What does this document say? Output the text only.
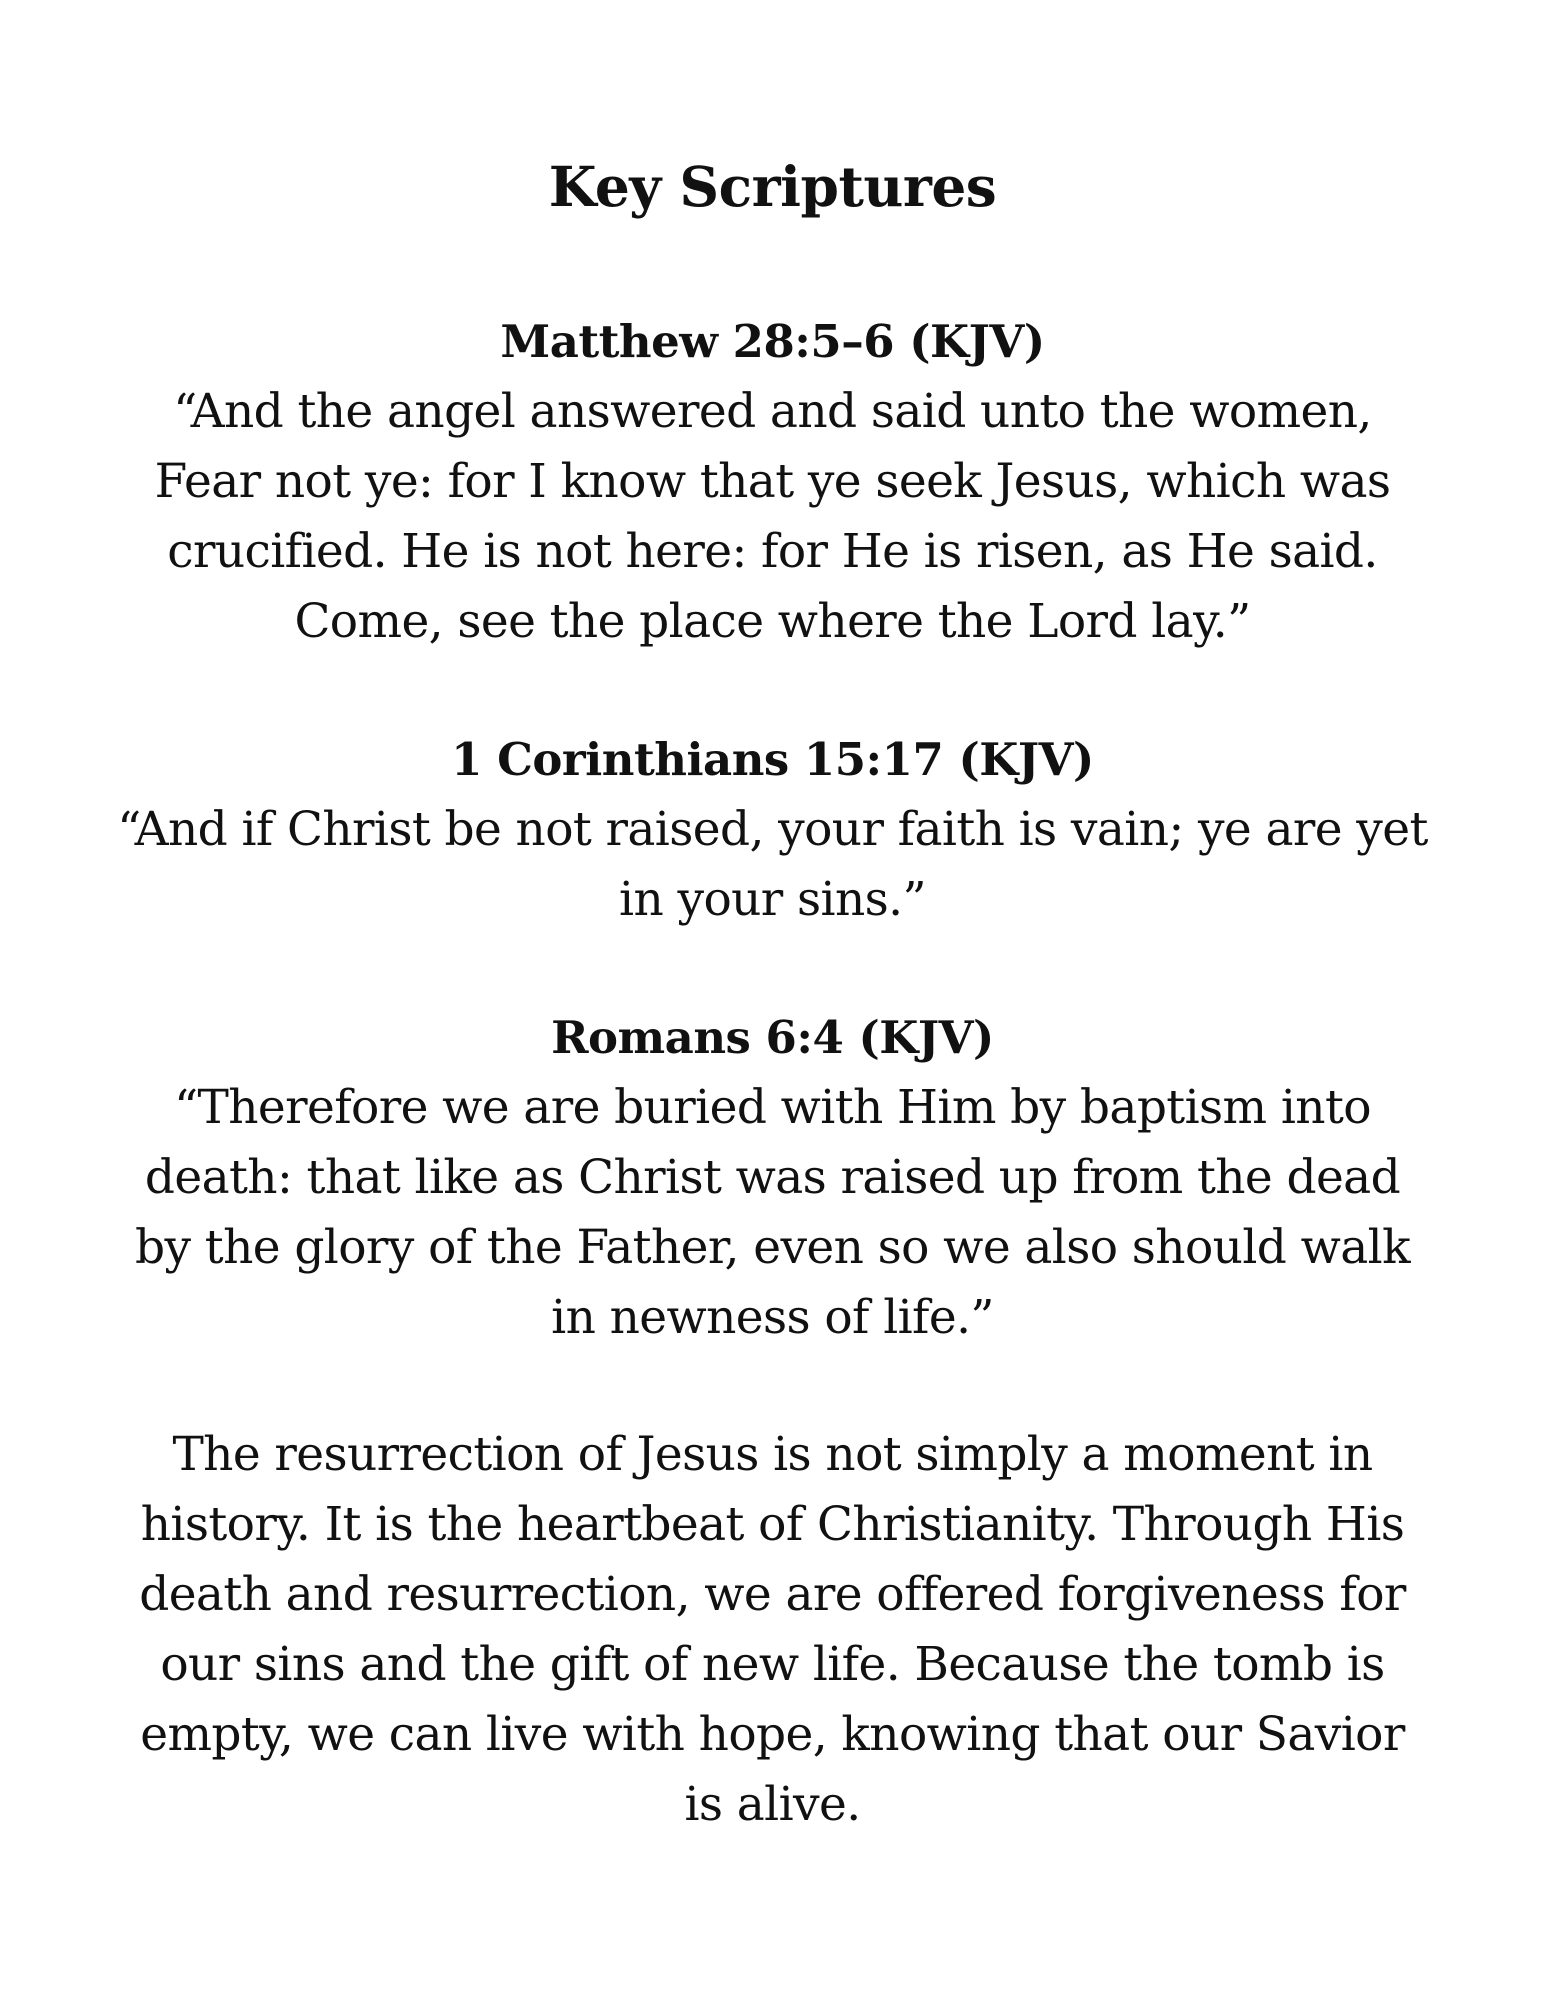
Key Scriptures
Matthew 28:5–6 (KJV)
“And the angel answered and said unto the women,
Fear not ye: for I know that ye seek Jesus, which was
crucified. He is not here: for He is risen, as He said.
Come, see the place where the Lord lay.”
1 Corinthians 15:17 (KJV)
“And if Christ be not raised, your faith is vain; ye are yet
in your sins.”
Romans 6:4 (KJV)
“Therefore we are buried with Him by baptism into
death: that like as Christ was raised up from the dead
by the glory of the Father, even so we also should walk
in newness of life.”
The resurrection of Jesus is not simply a moment in
history. It is the heartbeat of Christianity. Through His
death and resurrection, we are offered forgiveness for
our sins and the gift of new life. Because the tomb is
empty, we can live with hope, knowing that our Savior
is alive.
